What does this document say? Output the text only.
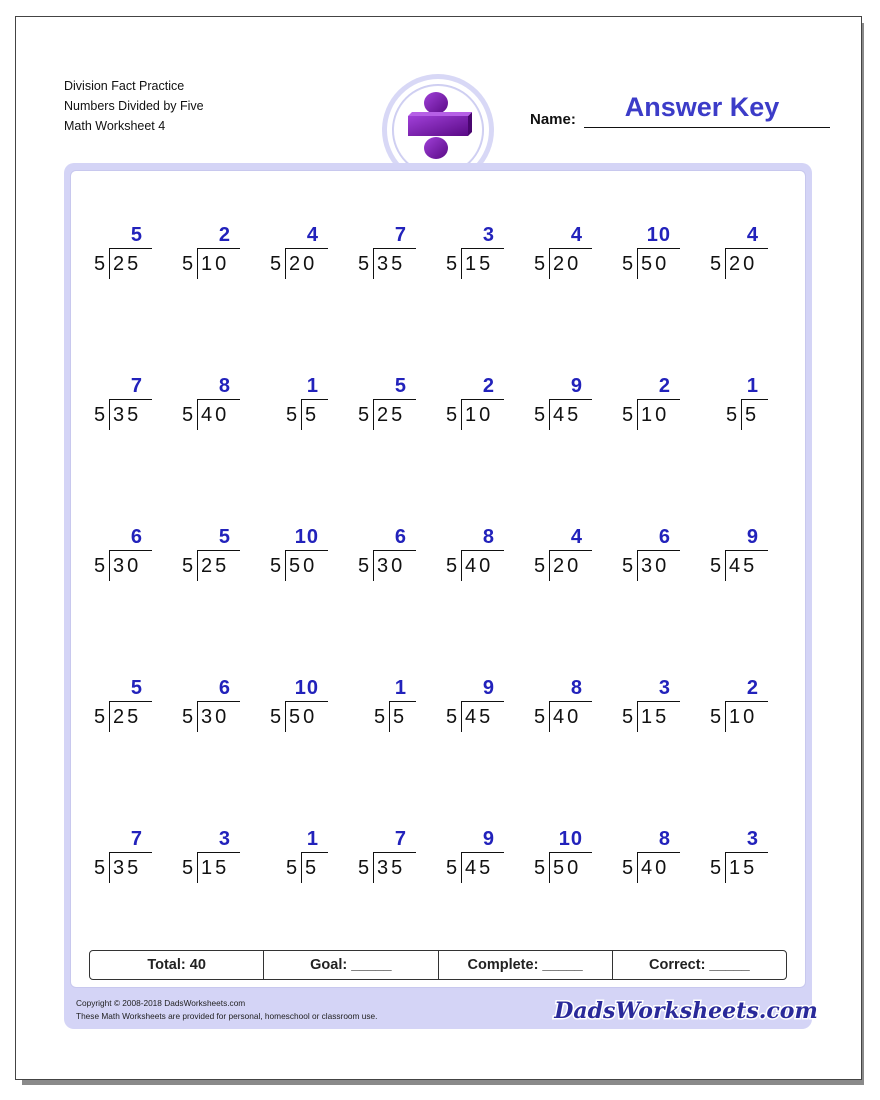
Division Fact Practice
Numbers Divided by Five
Math Worksheet 4	Name:	Answer Key
5
5 25
2
5 10
4
5 20
7
5 35
3
5 15
4
5 20
10
5 50
4
5 20
7
5 35
8
5 40
1
5 5
5
5 25
2
5 10
9
5 45
2
5 10
1
5 5
6
5 30
5
5 25
10
5 50
6
5 30
8
5 40
4
5 20
6
5 30
9
5 45
5
5 25
6
5 30
10
5 50
1
5 5
9
5 45
8
5 40
3
5 15
2
5 10
7
5 35
3
5 15
1
5 5
7
5 35
9
5 45
10
5 50
8
5 40
3
5 15
Total: 40	Goal: _____	Complete: _____	Correct: _____
Copyright © 2008-2018 DadsWorksheets.com
These Math Worksheets are provided for personal, homeschool or classroom use.	DadsWorksheets.com
